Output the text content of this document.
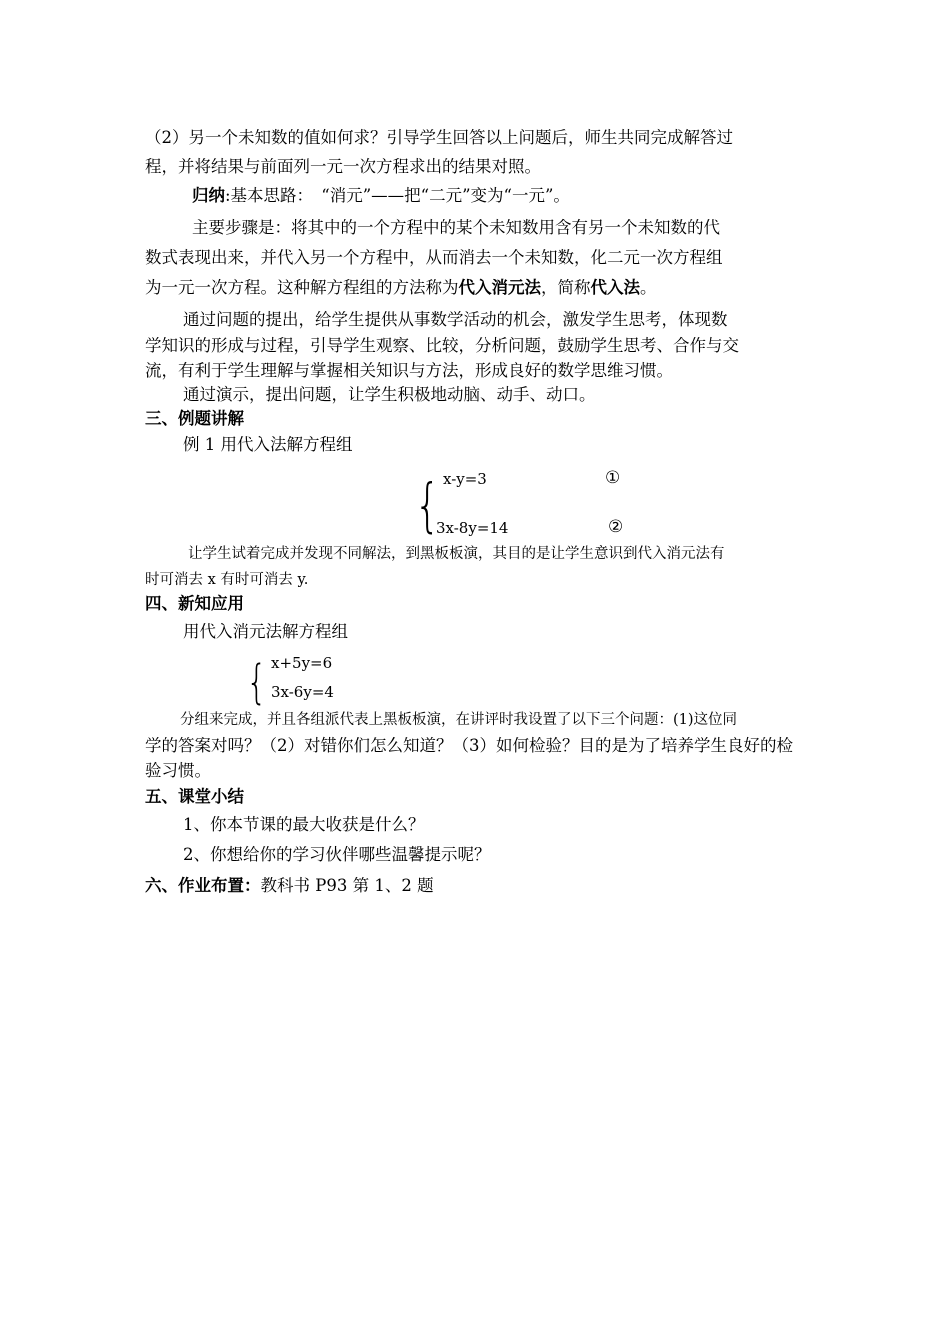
（2）另一个未知数的值如何求？引导学生回答以上问题后，师生共同完成解答过
程，并将结果与前面列一元一次方程求出的结果对照。
归纳:基本思路：　“消元”——把“二元”变为“一元”。
主要步骤是：将其中的一个方程中的某个未知数用含有另一个未知数的代
数式表现出来，并代入另一个方程中，从而消去一个未知数，化二元一次方程组
为一元一次方程。这种解方程组的方法称为代入消元法，简称代入法。
通过问题的提出，给学生提供从事数学活动的机会，激发学生思考，体现数
学知识的形成与过程，引导学生观察、比较，分析问题，鼓励学生思考、合作与交
流，有利于学生理解与掌握相关知识与方法，形成良好的数学思维习惯。
通过演示，提出问题，让学生积极地动脑、动手、动口。
三、例题讲解
例 1 用代入法解方程组
{ x-y=3	①
3x-8y=14	②
让学生试着完成并发现不同解法，到黑板板演，其目的是让学生意识到代入消元法有
时可消去 x 有时可消去 y.
四、新知应用
用代入消元法解方程组
{ x+5y=6
3x-6y=4
分组来完成，并且各组派代表上黑板板演，在讲评时我设置了以下三个问题：(1)这位同
学的答案对吗？（2）对错你们怎么知道？（3）如何检验？目的是为了培养学生良好的检
验习惯。
五、课堂小结
1、你本节课的最大收获是什么？
2、你想给你的学习伙伴哪些温馨提示呢？
六、作业布置：教科书 P93 第 1、2 题
